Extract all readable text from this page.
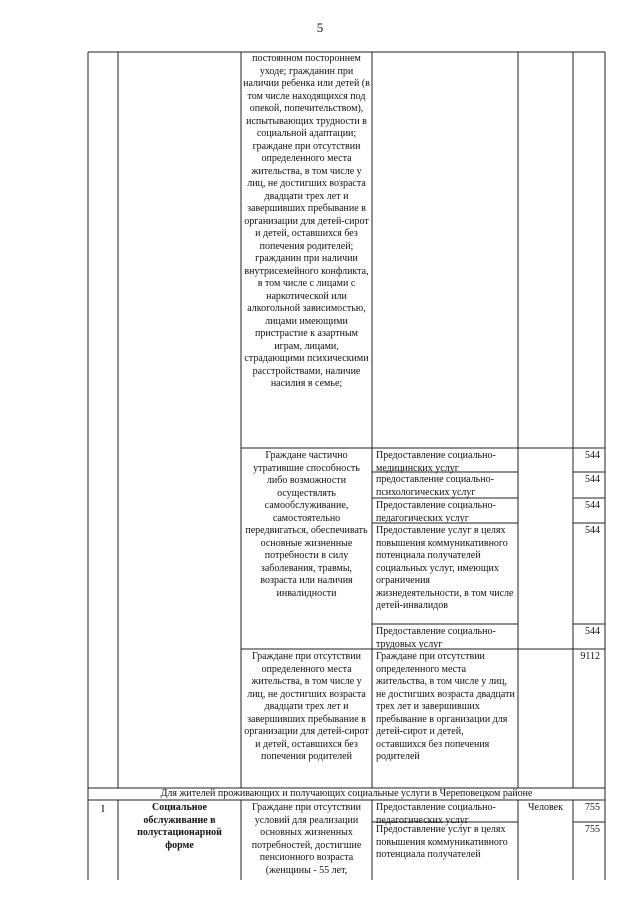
5
постоянном постороннем уходе; гражданин при наличии ребенка или детей (в том числе находящихся под опекой, попечительством), испытывающих трудности в социальной адаптации; граждане при отсутствии определенного места жительства, в том числе у лиц, не достигших возраста двадцати трех лет и завершивших пребывание в организации для детей-сирот и детей, оставшихся без попечения родителей; гражданин при наличии внутрисемейного конфликта, в том числе с лицами с наркотической или алкогольной зависимостью, лицами имеющими пристрастие к азартным играм, лицами, страдающими психическими расстройствами, наличие насилия в семье;
Граждане частично утратившие способность либо возможности осуществлять самообслуживание, самостоятельно передвигаться, обеспечивать основные жизненные потребности в силу заболевания, травмы, возраста или наличия инвалидности
Предоставление социально-медицинских услуг
544
предоставление социально-психологических услуг
544
Предоставление социально-педагогических услуг
544
Предоставление услуг в целях повышения коммуникативного потенциала получателей социальных услуг, имеющих ограничения жизнедеятельности, в том числе детей-инвалидов
544
Предоставление социально-трудовых услуг
544
Граждане при отсутствии определенного места жительства, в том числе у лиц, не достигших возраста двадцати трех лет и завершивших пребывание в организации для детей-сирот и детей, оставшихся без попечения родителей
Граждане при отсутствии определенного места жительства, в том числе у лиц, не достигших возраста двадцати трех лет и завершивших пребывание в организации для детей-сирот и детей, оставшихся без попечения родителей
9112
Для жителей проживающих и получающих социальные услуги в Череповецком районе
I	Социальное обслуживание в полустационарной форме
Граждане при отсутствии условий для реализации основных жизненных потребностей, достигшие пенсионного возраста (женщины - 55 лет,
Предоставление социально-педагогических услуг
Человек	755
Предоставление услуг в целях повышения коммуникативного потенциала получателей
755
